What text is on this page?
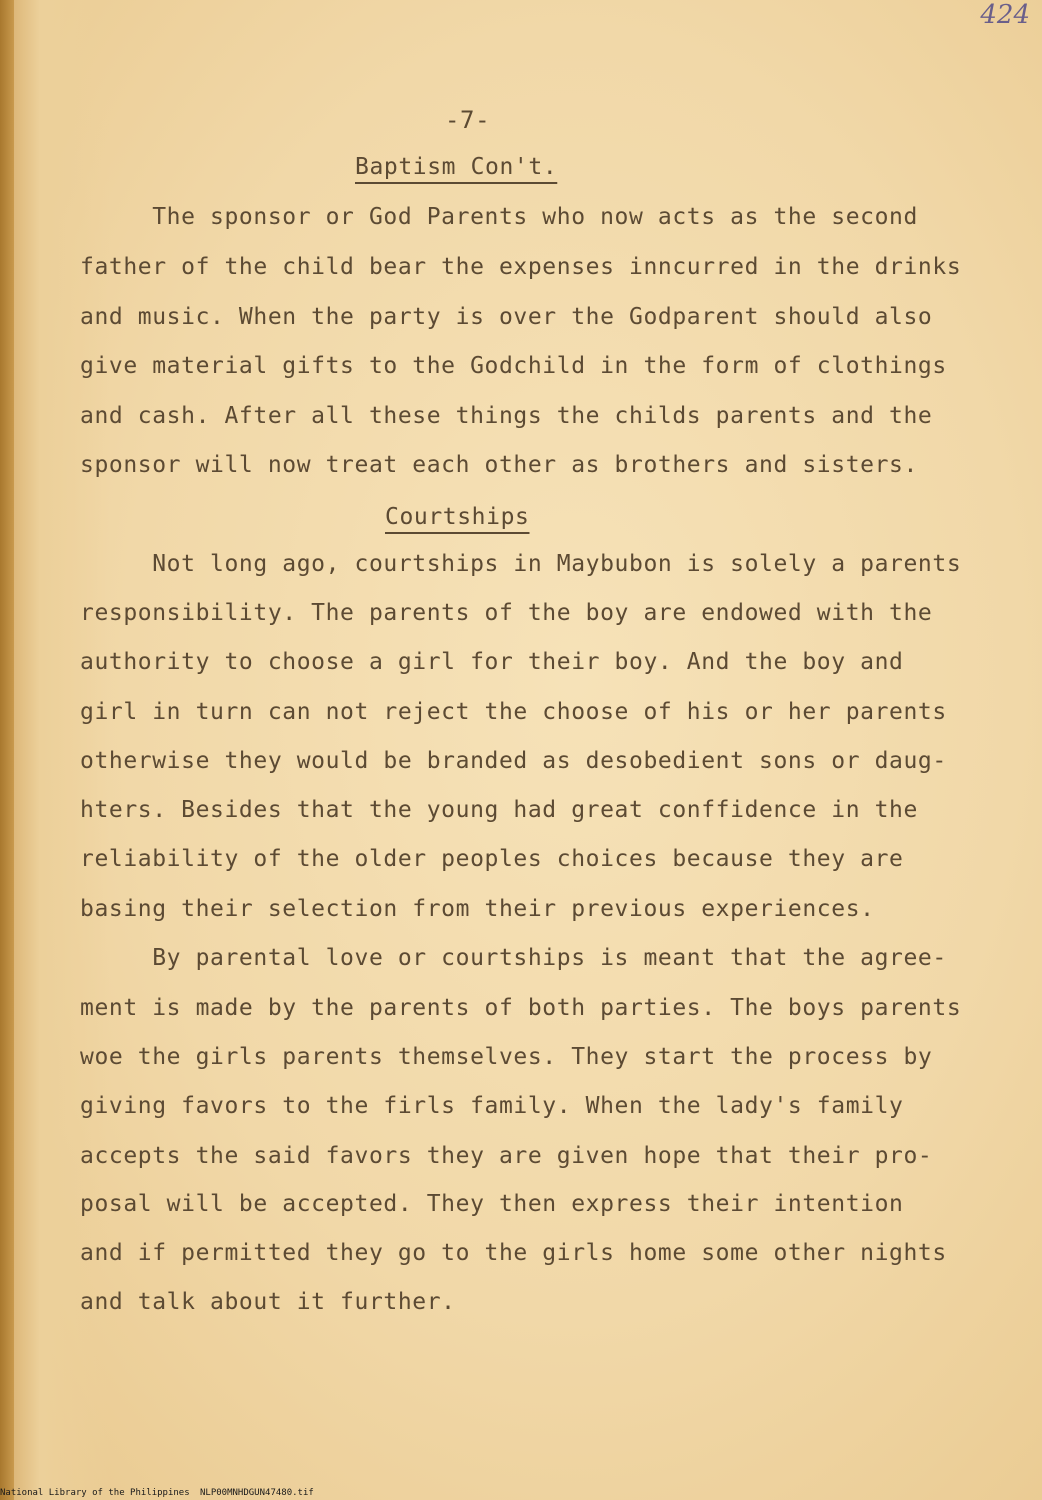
424
-7-
Baptism Con't.
The sponsor or God Parents who now acts as the second
father of the child bear the expenses inncurred in the drinks
and music. When the party is over the Godparent should also
give material gifts to the Godchild in the form of clothings
and cash. After all these things the childs parents and the
sponsor will now treat each other as brothers and sisters.
Courtships
Not long ago, courtships in Maybubon is solely a parents
responsibility. The parents of the boy are endowed with the
authority to choose a girl for their boy. And the boy and
girl in turn can not reject the choose of his or her parents
otherwise they would be branded as desobedient sons or daug-
hters. Besides that the young had great conffidence in the
reliability of the older peoples choices because they are
basing their selection from their previous experiences.
By parental love or courtships is meant that the agree-
ment is made by the parents of both parties. The boys parents
woe the girls parents themselves. They start the process by
giving favors to the firls family. When the lady's family
accepts the said favors they are given hope that their pro-
posal will be accepted. They then express their intention
and if permitted they go to the girls home some other nights
and talk about it further.
National Library of the Philippines NLP00MNHDGUN47480.tif
